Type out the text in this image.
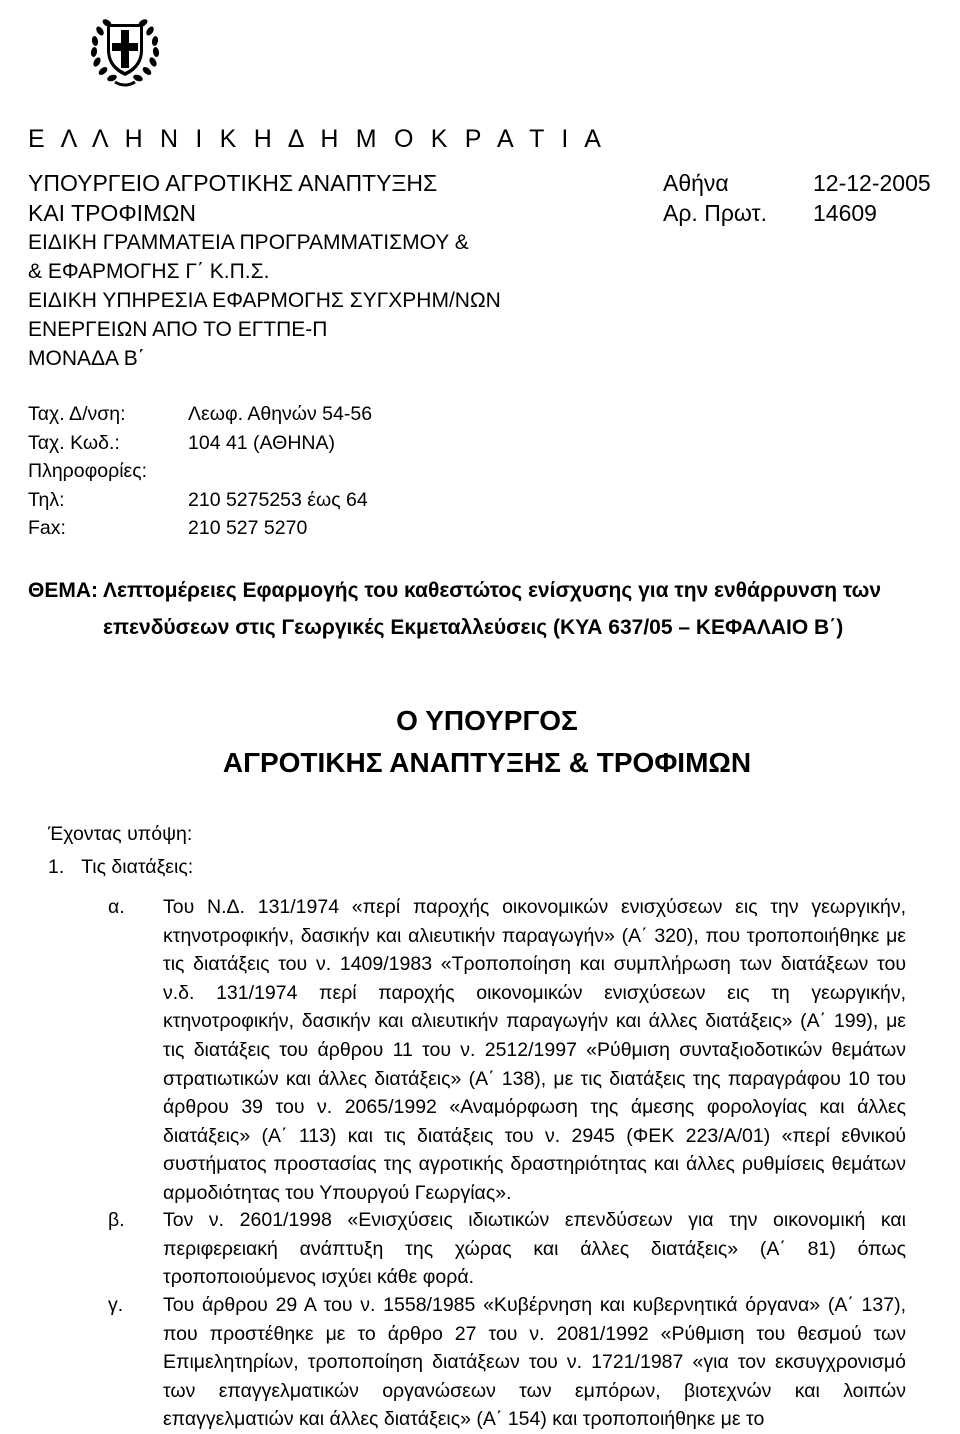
Ε Λ Λ Η Ν Ι Κ Η Δ Η Μ Ο Κ Ρ Α Τ Ι Α
ΥΠΟΥΡΓΕΙΟ ΑΓΡΟΤΙΚΗΣ ΑΝΑΠΤΥΞΗΣ
ΚΑΙ ΤΡΟΦΙΜΩΝ
ΕΙΔΙΚΗ ΓΡΑΜΜΑΤΕΙΑ ΠΡΟΓΡΑΜΜΑΤΙΣΜΟΥ &
& ΕΦΑΡΜΟΓΗΣ Γ΄ Κ.Π.Σ.
ΕΙΔΙΚΗ ΥΠΗΡΕΣΙΑ ΕΦΑΡΜΟΓΗΣ ΣΥΓΧΡΗΜ/ΝΩΝ
ΕΝΕΡΓΕΙΩΝ ΑΠΟ ΤΟ ΕΓΤΠΕ-Π
ΜΟΝΑΔΑ Β΄
Αθήνα	12-12-2005
Αρ. Πρωτ.	14609
Ταχ. Δ/νση:	Λεωφ. Αθηνών 54-56
Ταχ. Κωδ.:	104 41 (ΑΘΗΝΑ)
Πληροφορίες:
Τηλ:	210 5275253 έως 64
Fax:	210 527 5270
ΘΕΜΑ: Λεπτομέρειες Εφαρμογής του καθεστώτος ενίσχυσης για την ενθάρρυνση των επενδύσεων στις Γεωργικές Εκμεταλλεύσεις (ΚΥΑ 637/05 – ΚΕΦΑΛΑΙΟ Β΄)
Ο ΥΠΟΥΡΓΟΣ
ΑΓΡΟΤΙΚΗΣ ΑΝΑΠΤΥΞΗΣ & ΤΡΟΦΙΜΩΝ
Έχοντας υπόψη:
1. Τις διατάξεις:
α. Του Ν.Δ. 131/1974 «περί παροχής οικονομικών ενισχύσεων εις την γεωργικήν, κτηνοτροφικήν, δασικήν και αλιευτικήν παραγωγήν» (Α΄ 320), που τροποποιήθηκε με τις διατάξεις του ν. 1409/1983 «Τροποποίηση και συμπλήρωση των διατάξεων του ν.δ. 131/1974 περί παροχής οικονομικών ενισχύσεων εις τη γεωργικήν, κτηνοτροφικήν, δασικήν και αλιευτικήν παραγωγήν και άλλες διατάξεις» (Α΄ 199), με τις διατάξεις του άρθρου 11 του ν. 2512/1997 «Ρύθμιση συνταξιοδοτικών θεμάτων στρατιωτικών και άλλες διατάξεις» (Α΄ 138), με τις διατάξεις της παραγράφου 10 του άρθρου 39 του ν. 2065/1992 «Αναμόρφωση της άμεσης φορολογίας και άλλες διατάξεις» (Α΄ 113) και τις διατάξεις του ν. 2945 (ΦΕΚ 223/Α/01) «περί εθνικού συστήματος προστασίας της αγροτικής δραστηριότητας και άλλες ρυθμίσεις θεμάτων αρμοδιότητας του Υπουργού Γεωργίας».
β. Τον ν. 2601/1998 «Ενισχύσεις ιδιωτικών επενδύσεων για την οικονομική και περιφερειακή ανάπτυξη της χώρας και άλλες διατάξεις» (Α΄ 81) όπως τροποποιούμενος ισχύει κάθε φορά.
γ. Του άρθρου 29 Α του ν. 1558/1985 «Κυβέρνηση και κυβερνητικά όργανα» (Α΄ 137), που προστέθηκε με το άρθρο 27 του ν. 2081/1992 «Ρύθμιση του θεσμού των Επιμελητηρίων, τροποποίηση διατάξεων του ν. 1721/1987 «για τον εκσυγχρονισμό των επαγγελματικών οργανώσεων των εμπόρων, βιοτεχνών και λοιπών επαγγελματιών και άλλες διατάξεις» (Α΄ 154) και τροποποιήθηκε με το
